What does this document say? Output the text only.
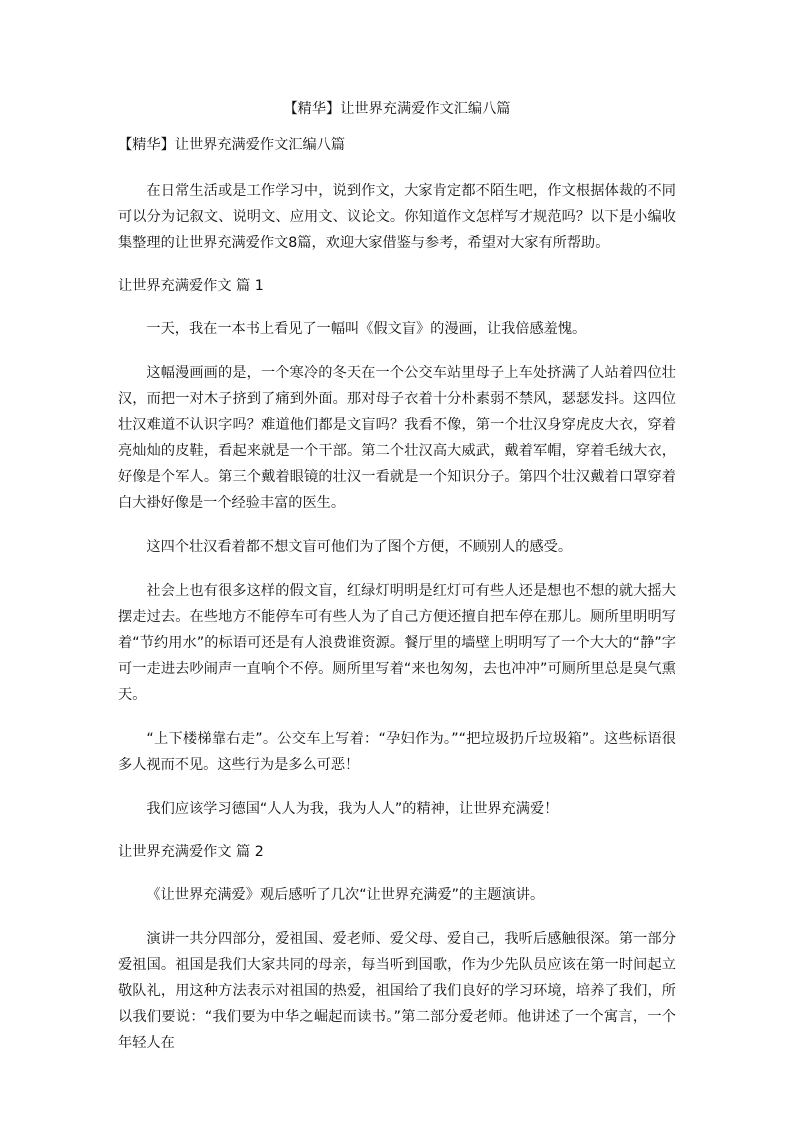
【精华】让世界充满爱作文汇编八篇

【精华】让世界充满爱作文汇编八篇

在日常生活或是工作学习中，说到作文，大家肯定都不陌生吧，作文根据体裁的不同可以分为记叙文、说明文、应用文、议论文。你知道作文怎样写才规范吗？以下是小编收集整理的让世界充满爱作文8篇，欢迎大家借鉴与参考，希望对大家有所帮助。

让世界充满爱作文 篇 1

一天，我在一本书上看见了一幅叫《假文盲》的漫画，让我倍感羞愧。

这幅漫画画的是，一个寒冷的冬天在一个公交车站里母子上车处挤满了人站着四位壮汉，而把一对木子挤到了痛到外面。那对母子衣着十分朴素弱不禁风，瑟瑟发抖。这四位壮汉难道不认识字吗？难道他们都是文盲吗？我看不像，第一个壮汉身穿虎皮大衣，穿着亮灿灿的皮鞋，看起来就是一个干部。第二个壮汉高大威武，戴着军帽，穿着毛绒大衣，好像是个军人。第三个戴着眼镜的壮汉一看就是一个知识分子。第四个壮汉戴着口罩穿着白大褂好像是一个经验丰富的医生。

这四个壮汉看着都不想文盲可他们为了图个方便，不顾别人的感受。

社会上也有很多这样的假文盲，红绿灯明明是红灯可有些人还是想也不想的就大摇大摆走过去。在些地方不能停车可有些人为了自己方便还擅自把车停在那儿。厕所里明明写着“节约用水”的标语可还是有人浪费谁资源。餐厅里的墙壁上明明写了一个大大的“静”字可一走进去吵闹声一直响个不停。厕所里写着“来也匆匆，去也冲冲”可厕所里总是臭气熏天。

“上下楼梯靠右走”。公交车上写着：“孕妇作为。”“把垃圾扔斤垃圾箱”。这些标语很多人视而不见。这些行为是多么可恶！

我们应该学习德国“人人为我，我为人人”的精神，让世界充满爱！

让世界充满爱作文 篇 2

《让世界充满爱》观后感听了几次“让世界充满爱”的主题演讲。

演讲一共分四部分，爱祖国、爱老师、爱父母、爱自己，我听后感触很深。第一部分爱祖国。祖国是我们大家共同的母亲，每当听到国歌，作为少先队员应该在第一时间起立敬队礼，用这种方法表示对祖国的热爱，祖国给了我们良好的学习环境，培养了我们，所以我们要说：“我们要为中华之崛起而读书。”第二部分爱老师。他讲述了一个寓言，一个年轻人在
